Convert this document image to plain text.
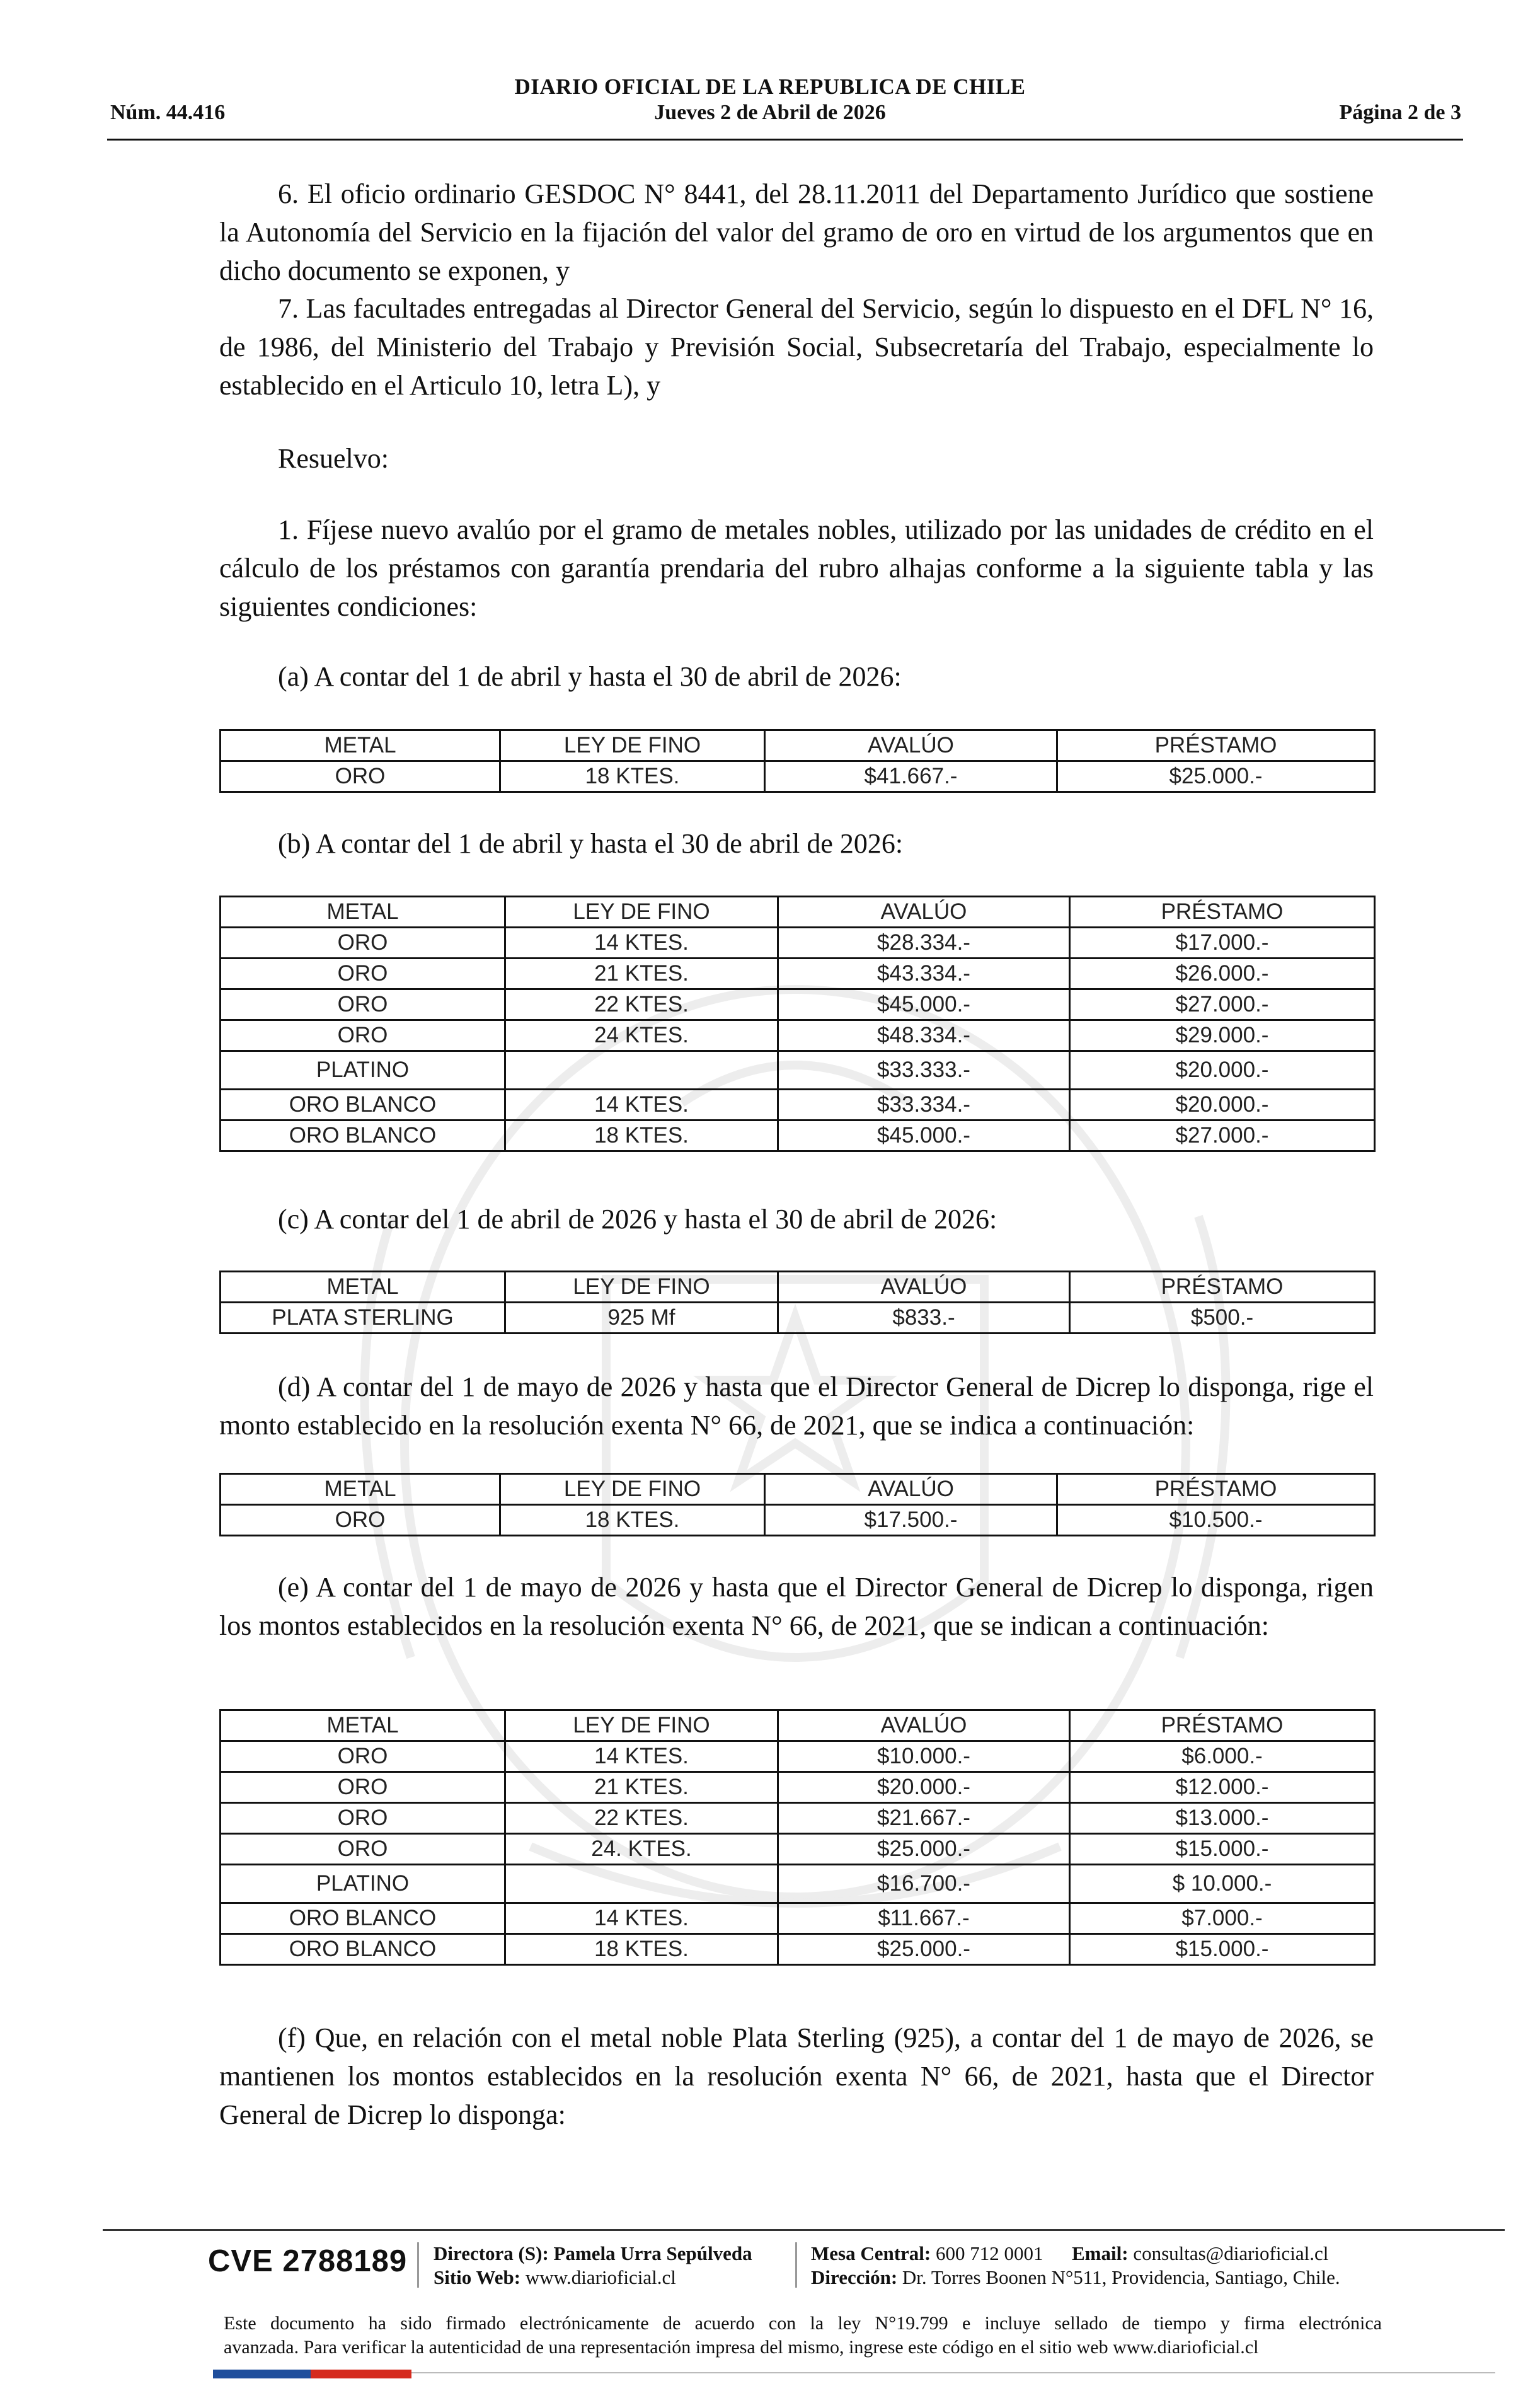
DIARIO OFICIAL DE LA REPUBLICA DE CHILE
Núm. 44.416	Jueves 2 de Abril de 2026	Página 2 de 3
6. El oficio ordinario GESDOC N° 8441, del 28.11.2011 del Departamento Jurídico que sostiene la Autonomía del Servicio en la fijación del valor del gramo de oro en virtud de los argumentos que en dicho documento se exponen, y
7. Las facultades entregadas al Director General del Servicio, según lo dispuesto en el DFL N° 16, de 1986, del Ministerio del Trabajo y Previsión Social, Subsecretaría del Trabajo, especialmente lo establecido en el Articulo 10, letra L), y
Resuelvo:
1. Fíjese nuevo avalúo por el gramo de metales nobles, utilizado por las unidades de crédito en el cálculo de los préstamos con garantía prendaria del rubro alhajas conforme a la siguiente tabla y las siguientes condiciones:
(a) A contar del 1 de abril y hasta el 30 de abril de 2026:
METAL	LEY DE FINO	AVALÚO	PRÉSTAMO
ORO	18 KTES.	$41.667.-	$25.000.-
(b) A contar del 1 de abril y hasta el 30 de abril de 2026:
METAL	LEY DE FINO	AVALÚO	PRÉSTAMO
ORO	14 KTES.	$28.334.-	$17.000.-
ORO	21 KTES.	$43.334.-	$26.000.-
ORO	22 KTES.	$45.000.-	$27.000.-
ORO	24 KTES.	$48.334.-	$29.000.-
PLATINO		$33.333.-	$20.000.-
ORO BLANCO	14 KTES.	$33.334.-	$20.000.-
ORO BLANCO	18 KTES.	$45.000.-	$27.000.-
(c) A contar del 1 de abril de 2026 y hasta el 30 de abril de 2026:
METAL	LEY DE FINO	AVALÚO	PRÉSTAMO
PLATA STERLING	925 Mf	$833.-	$500.-
(d) A contar del 1 de mayo de 2026 y hasta que el Director General de Dicrep lo disponga, rige el monto establecido en la resolución exenta N° 66, de 2021, que se indica a continuación:
METAL	LEY DE FINO	AVALÚO	PRÉSTAMO
ORO	18 KTES.	$17.500.-	$10.500.-
(e) A contar del 1 de mayo de 2026 y hasta que el Director General de Dicrep lo disponga, rigen los montos establecidos en la resolución exenta N° 66, de 2021, que se indican a continuación:
METAL	LEY DE FINO	AVALÚO	PRÉSTAMO
ORO	14 KTES.	$10.000.-	$6.000.-
ORO	21 KTES.	$20.000.-	$12.000.-
ORO	22 KTES.	$21.667.-	$13.000.-
ORO	24. KTES.	$25.000.-	$15.000.-
PLATINO		$16.700.-	$ 10.000.-
ORO BLANCO	14 KTES.	$11.667.-	$7.000.-
ORO BLANCO	18 KTES.	$25.000.-	$15.000.-
(f) Que, en relación con el metal noble Plata Sterling (925), a contar del 1 de mayo de 2026, se mantienen los montos establecidos en la resolución exenta N° 66, de 2021, hasta que el Director General de Dicrep lo disponga:
CVE 2788189 Directora (S): Pamela Urra Sepúlveda
Sitio Web: www.diarioficial.cl
Mesa Central: 600 712 0001 Email: consultas@diarioficial.cl
Dirección: Dr. Torres Boonen N°511, Providencia, Santiago, Chile.
Este documento ha sido firmado electrónicamente de acuerdo con la ley N°19.799 e incluye sellado de tiempo y firma electrónica
avanzada. Para verificar la autenticidad de una representación impresa del mismo, ingrese este código en el sitio web www.diarioficial.cl
